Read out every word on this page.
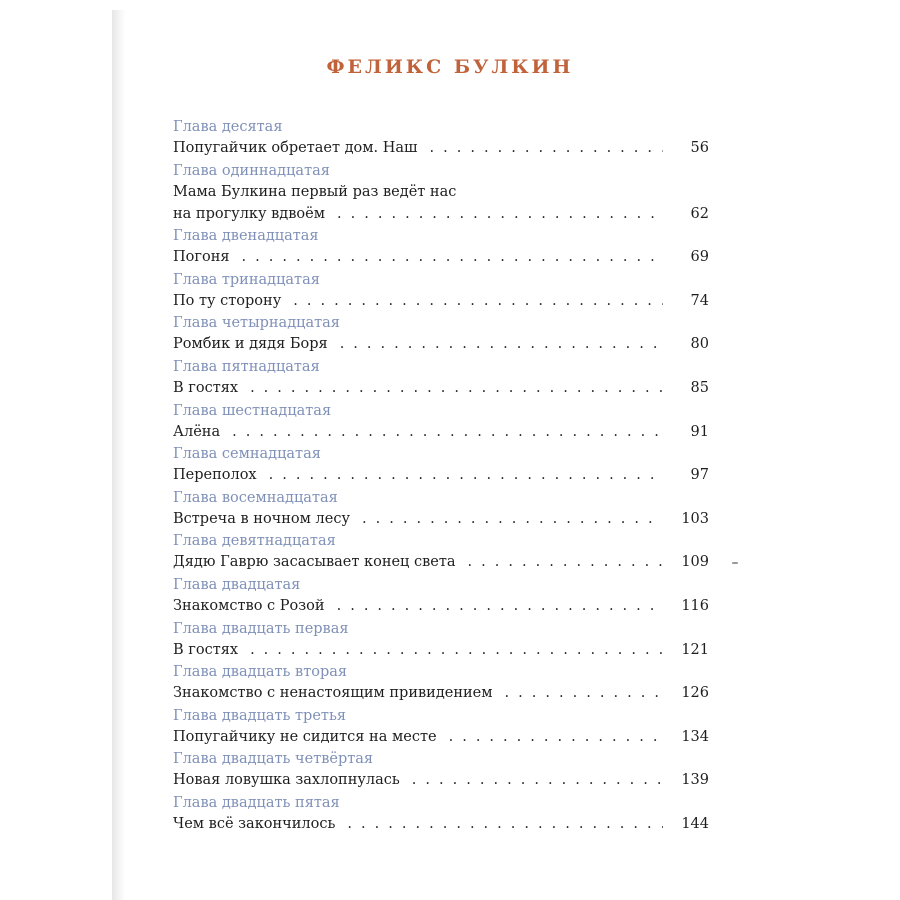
ФЕЛИКС БУЛКИН
Глава десятая
Попугайчик обретает дом. Наш . . .	56
Глава одиннадцатая
Мама Булкина первый раз ведёт нас
на прогулку вдвоём . . .	62
Глава двенадцатая
Погоня . . .	69
Глава тринадцатая
По ту сторону . . .	74
Глава четырнадцатая
Ромбик и дядя Боря . . .	80
Глава пятнадцатая
В гостях . . .	85
Глава шестнадцатая
Алёна . . .	91
Глава семнадцатая
Переполох . . .	97
Глава восемнадцатая
Встреча в ночном лесу . . .	103
Глава девятнадцатая
Дядю Гаврю засасывает конец света . . .	109
Глава двадцатая
Знакомство с Розой . . .	116
Глава двадцать первая
В гостях . . .	121
Глава двадцать вторая
Знакомство с ненастоящим привидением . . .	126
Глава двадцать третья
Попугайчику не сидится на месте . . .	134
Глава двадцать четвёртая
Новая ловушка захлопнулась . . .	139
Глава двадцать пятая
Чем всё закончилось . . .	144
